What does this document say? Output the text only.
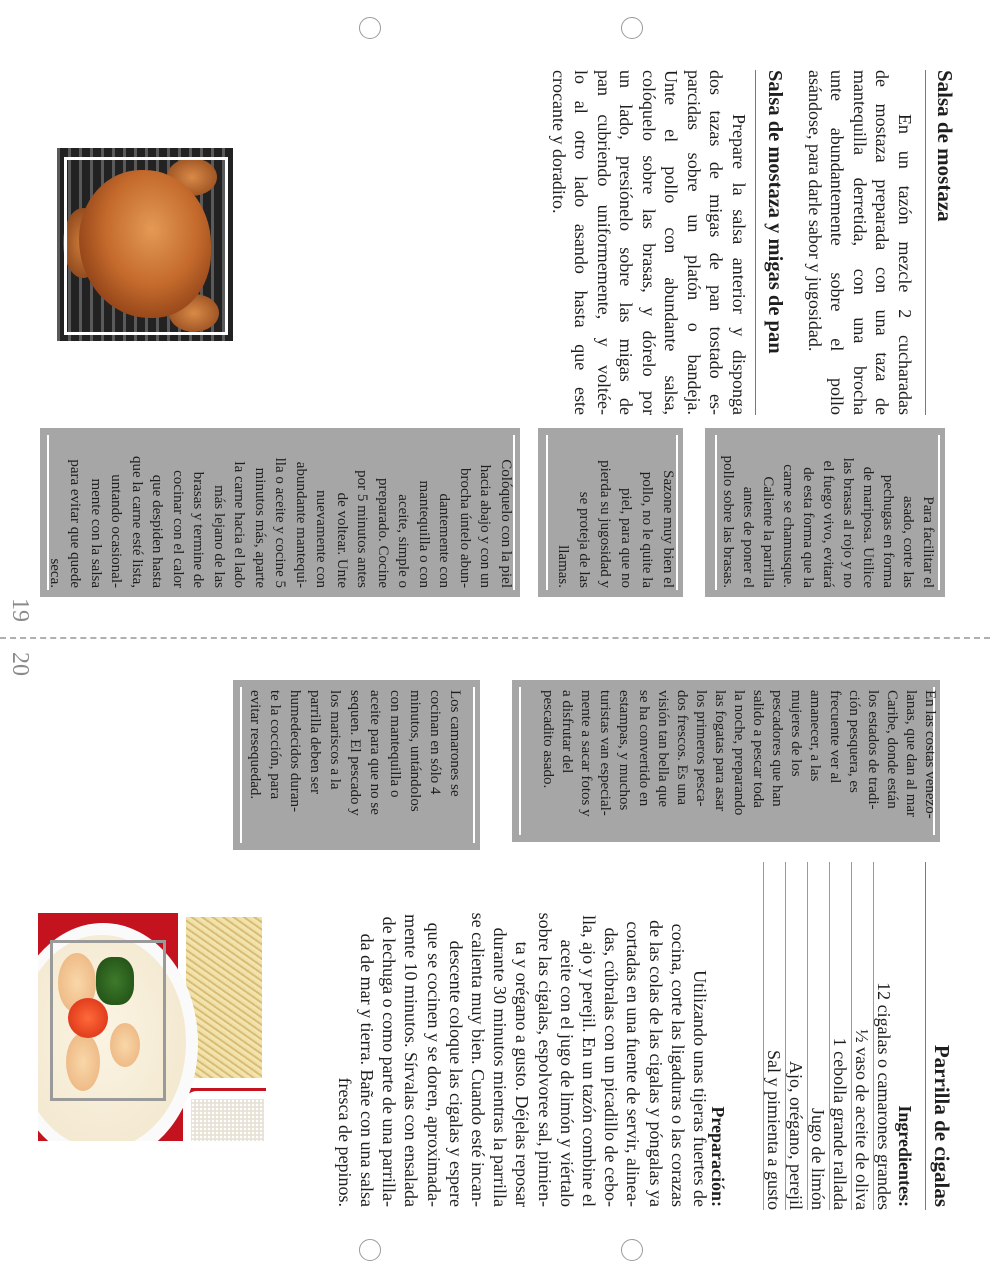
19
20
Salsa de mostaza
En un tazón mezcle 2 cucharadas
de mostaza preparada con una taza de
mantequilla derretida, con una brocha
unte abundantemente sobre el pollo
asándose, para darle sabor y jugosidad.
Salsa de mostaza y migas de pan
Prepare la salsa anterior y disponga
dos tazas de migas de pan tostado es-
parcidas sobre un platón o bandeja.
Unte el pollo con abundante salsa,
colóquelo sobre las brasas, y dórelo por
un lado, presiónelo sobre las migas de
pan cubriendo uniformemente, y voltée-
lo al otro lado asando hasta que este
crocante y doradito.
Para facilitar el
asado, corte las
pechugas en forma
de mariposa. Utilice
las brasas al rojo y no
el fuego vivo, evitará
de esta forma que la
carne se chamusque.
Caliente la parrilla
antes de poner el
pollo sobre las brasas.
Sazone muy bien el
pollo, no le quite la
piel, para que no
pierda su jugosidad y
se proteja de las
llamas.
Colóquelo con la piel
hacia abajo y con un
brocha úntelo abun-
dantemente con
mantequilla o con
aceite, simple o
preparado. Cocine
por 5 minutos antes
de voltear. Unte
nuevamente con
abundante mantequi-
lla o aceite y cocine 5
minutos más, aparte
la carne hacia el lado
más lejano de las
brasas y termine de
cocinar con el calor
que despiden hasta
que la carne esté lista,
untando ocasional-
mente con la salsa
para evitar que quede
seca.
En las costas venezo-
lanas, que dan al mar
Caribe, donde están
los estados de tradi-
ción pesquera, es
frecuente ver al
amanecer, a las
mujeres de los
pescadores que han
salido a pescar toda
la noche, preparando
las fogatas para asar
los primeros pesca-
dos frescos. Es una
visión tan bella que
se ha convertido en
estampas, y muchos
turistas van especial-
mente a sacar fotos y
a disfrutar del
pescadito asado.
Los camarones se
cocinan en sólo 4
minutos, untándolos
con mantequilla o
aceite para que no se
sequen. El pescado y
los mariscos a la
parrilla deben ser
humedecidos duran-
te la cocción, para
evitar resequedad.
Parrilla de cigalas
Ingredientes:
12 cigalas o camarones grandes
½ vaso de aceite de oliva
1 cebolla grande rallada
Jugo de limón
Ajo, orégano, perejil
Sal y pimienta a gusto
Preparación:
Utilizando unas tijeras fuertes de
cocina, corte las ligaduras o las corazas
de las colas de las cigalas y póngalas ya
cortadas en una fuente de servir, alinea-
das, cúbralas con un picadillo de cebo-
lla, ajo y perejil. En un tazón combine el
aceite con el jugo de limón y viértalo
sobre las cigalas, espolvoree sal, pimien-
ta y orégano a gusto. Déjelas reposar
durante 30 minutos mientras la parrilla
se calienta muy bien. Cuando esté incan-
descente coloque las cigalas y espere
que se cocinen y se doren, aproximada-
mente 10 minutos. Sírvalas con ensalada
de lechuga o como parte de una parrilla-
da de mar y tierra. Bañe con una salsa
fresca de pepinos.
